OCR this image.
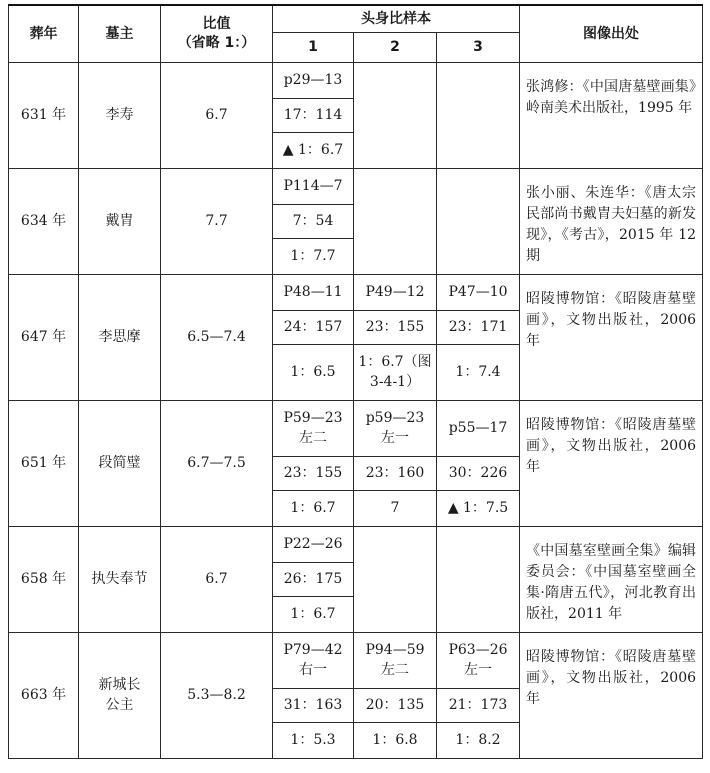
葬年	墓主	比值
（省略 1：）	头身比样本			图像出处
			1	2	3	
631 年	李寿	6.7	p29—13			张鸿修：《中国唐墓壁画集》岭南美术出版社，1995 年
			17：114			
			▲ 1：6.7			
634 年	戴胄	7.7	P114—7			张小丽、朱连华：《唐太宗民部尚书戴胄夫妇墓的新发现》，《考古》，2015 年 12 期
			7：54			
			1：7.7			
647 年	李思摩	6.5—7.4	P48—11	P49—12	P47—10	昭陵博物馆：《昭陵唐墓壁画》，文物出版社，2006 年
			24：157	23：155	23：171	
			1：6.5	1：6.7（图 3-4-1）	1：7.4	
651 年	段简璧	6.7—7.5	P59—23 左二	p59—23 左一	p55—17	昭陵博物馆：《昭陵唐墓壁画》，文物出版社，2006 年
			23：155	23：160	30：226	
			1：6.7	7	▲ 1：7.5	
658 年	执失奉节	6.7	P22—26			《中国墓室壁画全集》编辑委员会：《中国墓室壁画全集·隋唐五代》，河北教育出版社，2011 年
			26：175			
			1：6.7			
663 年	新城长公主	5.3—8.2	P79—42 右一	P94—59 左二	P63—26 左一	昭陵博物馆：《昭陵唐墓壁画》，文物出版社，2006 年
			31：163	20：135	21：173	
			1：5.3	1：6.8	1：8.2	
